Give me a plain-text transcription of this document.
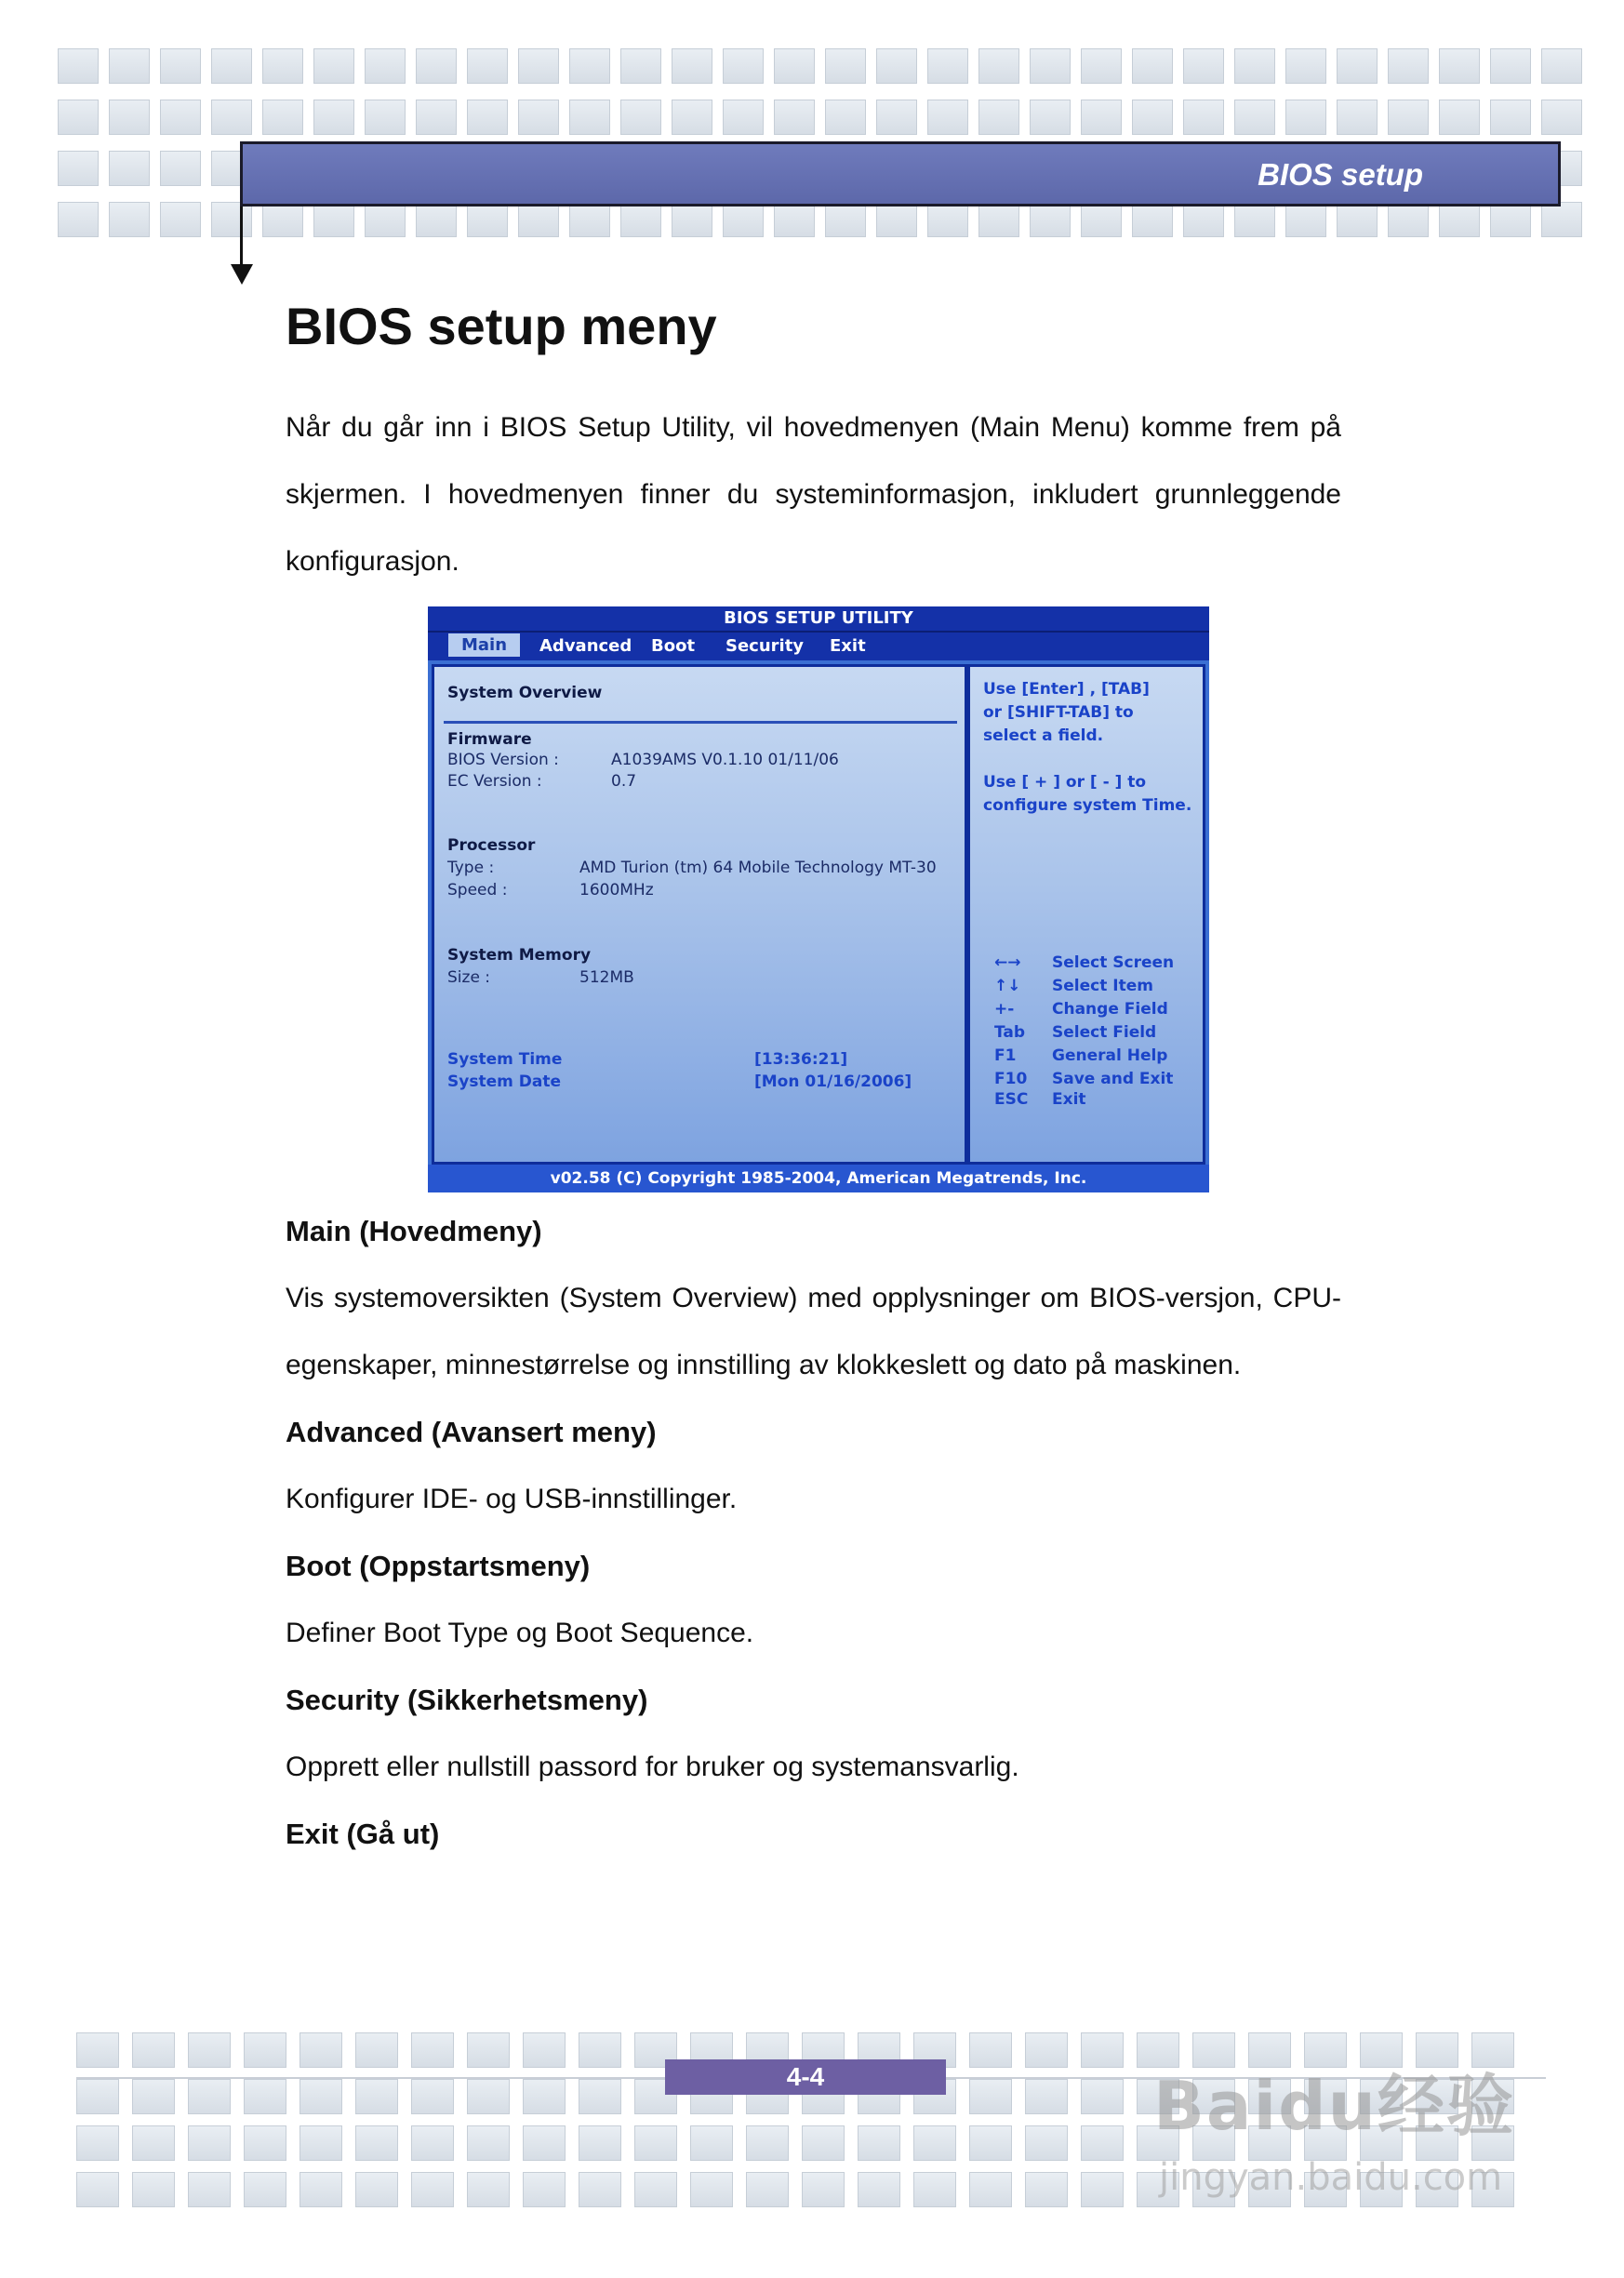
BIOS setup
BIOS setup meny

Når du går inn i BIOS Setup Utility, vil hovedmenyen (Main Menu) komme frem på skjermen. I hovedmenyen finner du systeminformasjon, inkludert grunnleggende konfigurasjon.

BIOS SETUP UTILITY
Main	Advanced Boot Security Exit
System Overview
Firmware
BIOS Version :	A1039AMS V0.1.10 01/11/06
EC Version :	0.7
Processor
Type :	AMD Turion (tm) 64 Mobile Technology MT-30
Speed :	1600MHz
System Memory
Size :	512MB
System Time	[13:36:21]
System Date	[Mon 01/16/2006]
Use [Enter] , [TAB]
or [SHIFT-TAB] to
select a field.
Use [ + ] or [ - ] to
configure system Time.
←→ Select Screen
↑↓ Select Item
+- Change Field
Tab Select Field
F1 General Help
F10 Save and Exit
ESC Exit
v02.58 (C) Copyright 1985-2004, American Megatrends, Inc.

Main (Hovedmeny)

Vis systemoversikten (System Overview) med opplysninger om BIOS-versjon, CPU-egenskaper, minnestørrelse og innstilling av klokkeslett og dato på maskinen.

Advanced (Avansert meny)

Konfigurer IDE- og USB-innstillinger.

Boot (Oppstartsmeny)

Definer Boot Type og Boot Sequence.

Security (Sikkerhetsmeny)

Opprett eller nullstill passord for bruker og systemansvarlig.

Exit (Gå ut)

4-4	Baidu经验
jingyan.baidu.com
